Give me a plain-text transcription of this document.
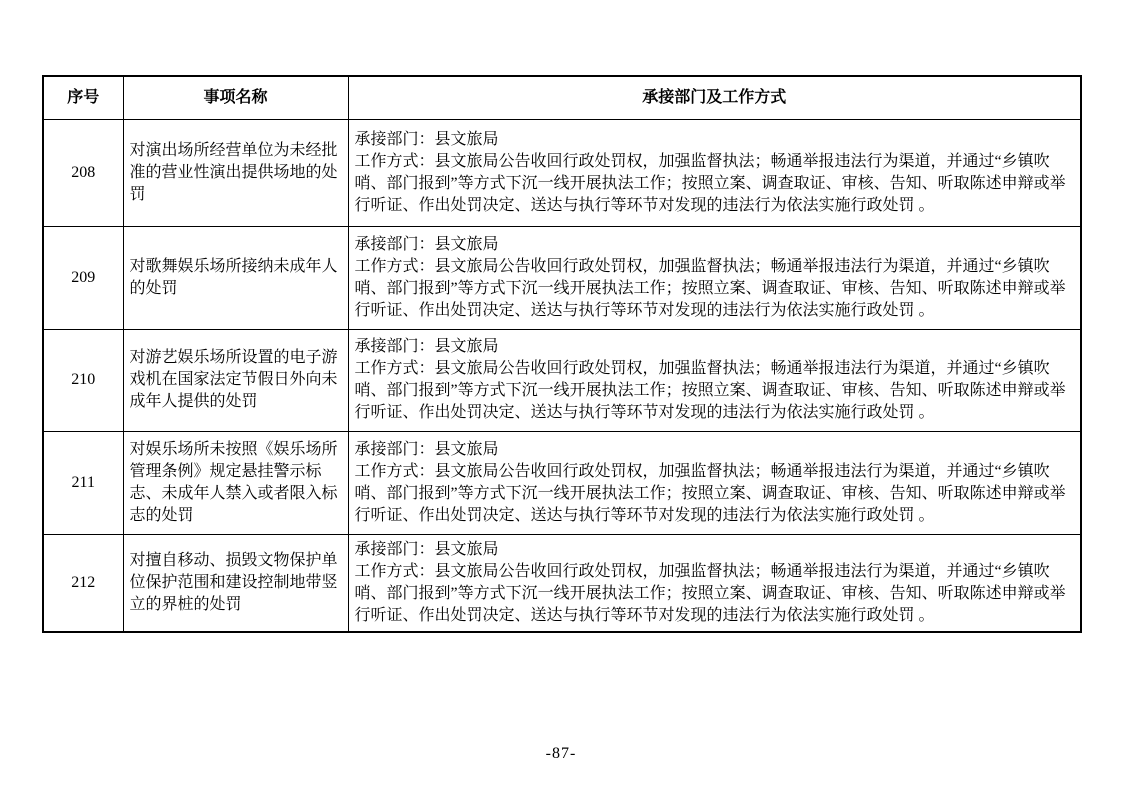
序号	事项名称	承接部门及工作方式
208	对演出场所经营单位为未经批准的营业性演出提供场地的处罚	承接部门：县文旅局
工作方式：县文旅局公告收回行政处罚权，加强监督执法；畅通举报违法行为渠道，并通过“乡镇吹哨、部门报到”等方式下沉一线开展执法工作；按照立案、调查取证、审核、告知、听取陈述申辩或举行听证、作出处罚决定、送达与执行等环节对发现的违法行为依法实施行政处罚 。

209	对歌舞娱乐场所接纳未成年人的处罚	承接部门：县文旅局
工作方式：县文旅局公告收回行政处罚权，加强监督执法；畅通举报违法行为渠道，并通过“乡镇吹哨、部门报到”等方式下沉一线开展执法工作；按照立案、调查取证、审核、告知、听取陈述申辩或举行听证、作出处罚决定、送达与执行等环节对发现的违法行为依法实施行政处罚 。

210	对游艺娱乐场所设置的电子游戏机在国家法定节假日外向未成年人提供的处罚	承接部门：县文旅局
工作方式：县文旅局公告收回行政处罚权，加强监督执法；畅通举报违法行为渠道，并通过“乡镇吹哨、部门报到”等方式下沉一线开展执法工作；按照立案、调查取证、审核、告知、听取陈述申辩或举行听证、作出处罚决定、送达与执行等环节对发现的违法行为依法实施行政处罚 。

211	对娱乐场所未按照《娱乐场所管理条例》规定悬挂警示标志、未成年人禁入或者限入标志的处罚	承接部门：县文旅局
工作方式：县文旅局公告收回行政处罚权，加强监督执法；畅通举报违法行为渠道，并通过“乡镇吹哨、部门报到”等方式下沉一线开展执法工作；按照立案、调查取证、审核、告知、听取陈述申辩或举行听证、作出处罚决定、送达与执行等环节对发现的违法行为依法实施行政处罚 。

212	对擅自移动、损毁文物保护单位保护范围和建设控制地带竖立的界桩的处罚	承接部门：县文旅局
工作方式：县文旅局公告收回行政处罚权，加强监督执法；畅通举报违法行为渠道，并通过“乡镇吹哨、部门报到”等方式下沉一线开展执法工作；按照立案、调查取证、审核、告知、听取陈述申辩或举行听证、作出处罚决定、送达与执行等环节对发现的违法行为依法实施行政处罚 。
-87-
